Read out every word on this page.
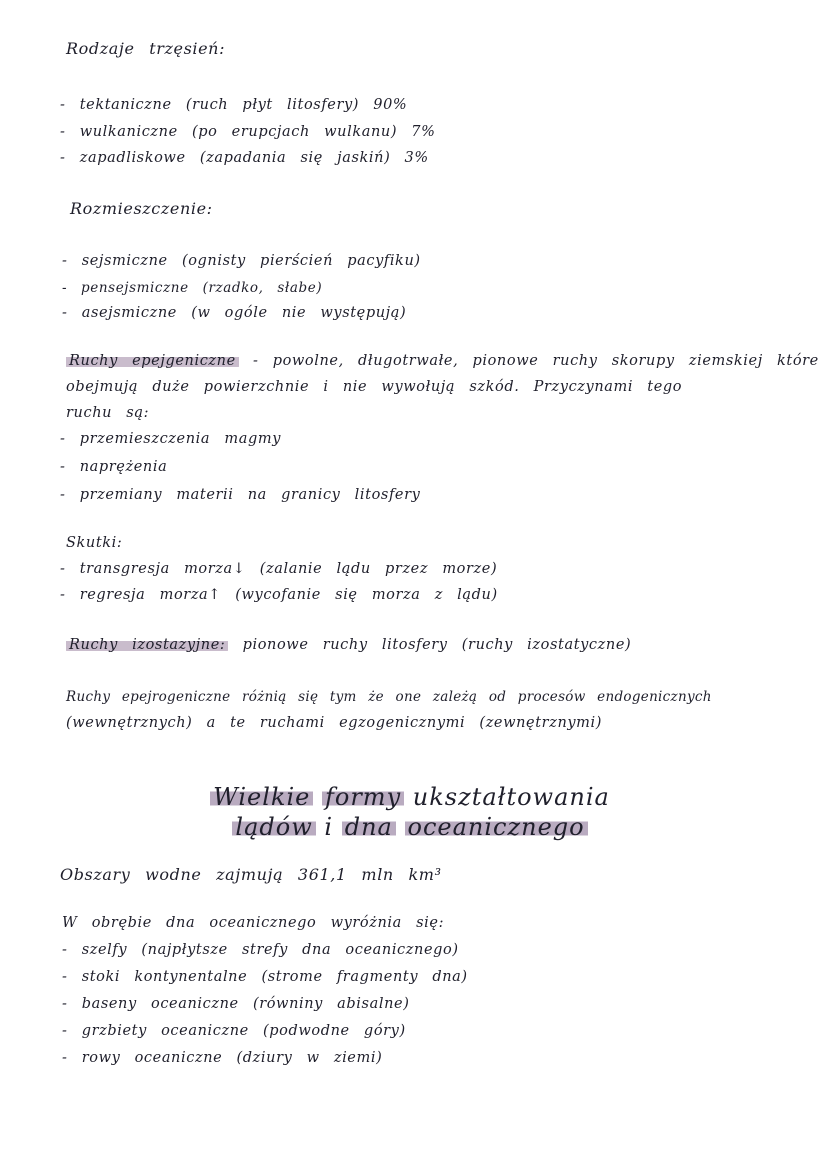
Rodzaje trzęsień:
- tektaniczne (ruch płyt litosfery) 90%
- wulkaniczne (po erupcjach wulkanu) 7%
- zapadliskowe (zapadania się jaskiń) 3%
Rozmieszczenie:
- sejsmiczne (ognisty pierścień pacyfiku)
- pensejsmiczne (rzadko, słabe)
- asejsmiczne (w ogóle nie występują)
Ruchy epejgeniczne - powolne, długotrwałe, pionowe ruchy skorupy ziemskiej które
obejmują duże powierzchnie i nie wywołują szkód. Przyczynami tego
ruchu są:
- przemieszczenia magmy
- naprężenia
- przemiany materii na granicy litosfery
Skutki:
- transgresja morza↓ (zalanie lądu przez morze)
- regresja morza↑ (wycofanie się morza z lądu)
Ruchy izostazyjne: pionowe ruchy litosfery (ruchy izostatyczne)
Ruchy epejrogeniczne różnią się tym że one zależą od procesów endogenicznych
(wewnętrznych) a te ruchami egzogenicznymi (zewnętrznymi)
Wielkie formy ukształtowania
lądów i dna oceanicznego
Obszary wodne zajmują 361,1 mln km³
W obrębie dna oceanicznego wyróżnia się:
- szelfy (najpłytsze strefy dna oceanicznego)
- stoki kontynentalne (strome fragmenty dna)
- baseny oceaniczne (równiny abisalne)
- grzbiety oceaniczne (podwodne góry)
- rowy oceaniczne (dziury w ziemi)
